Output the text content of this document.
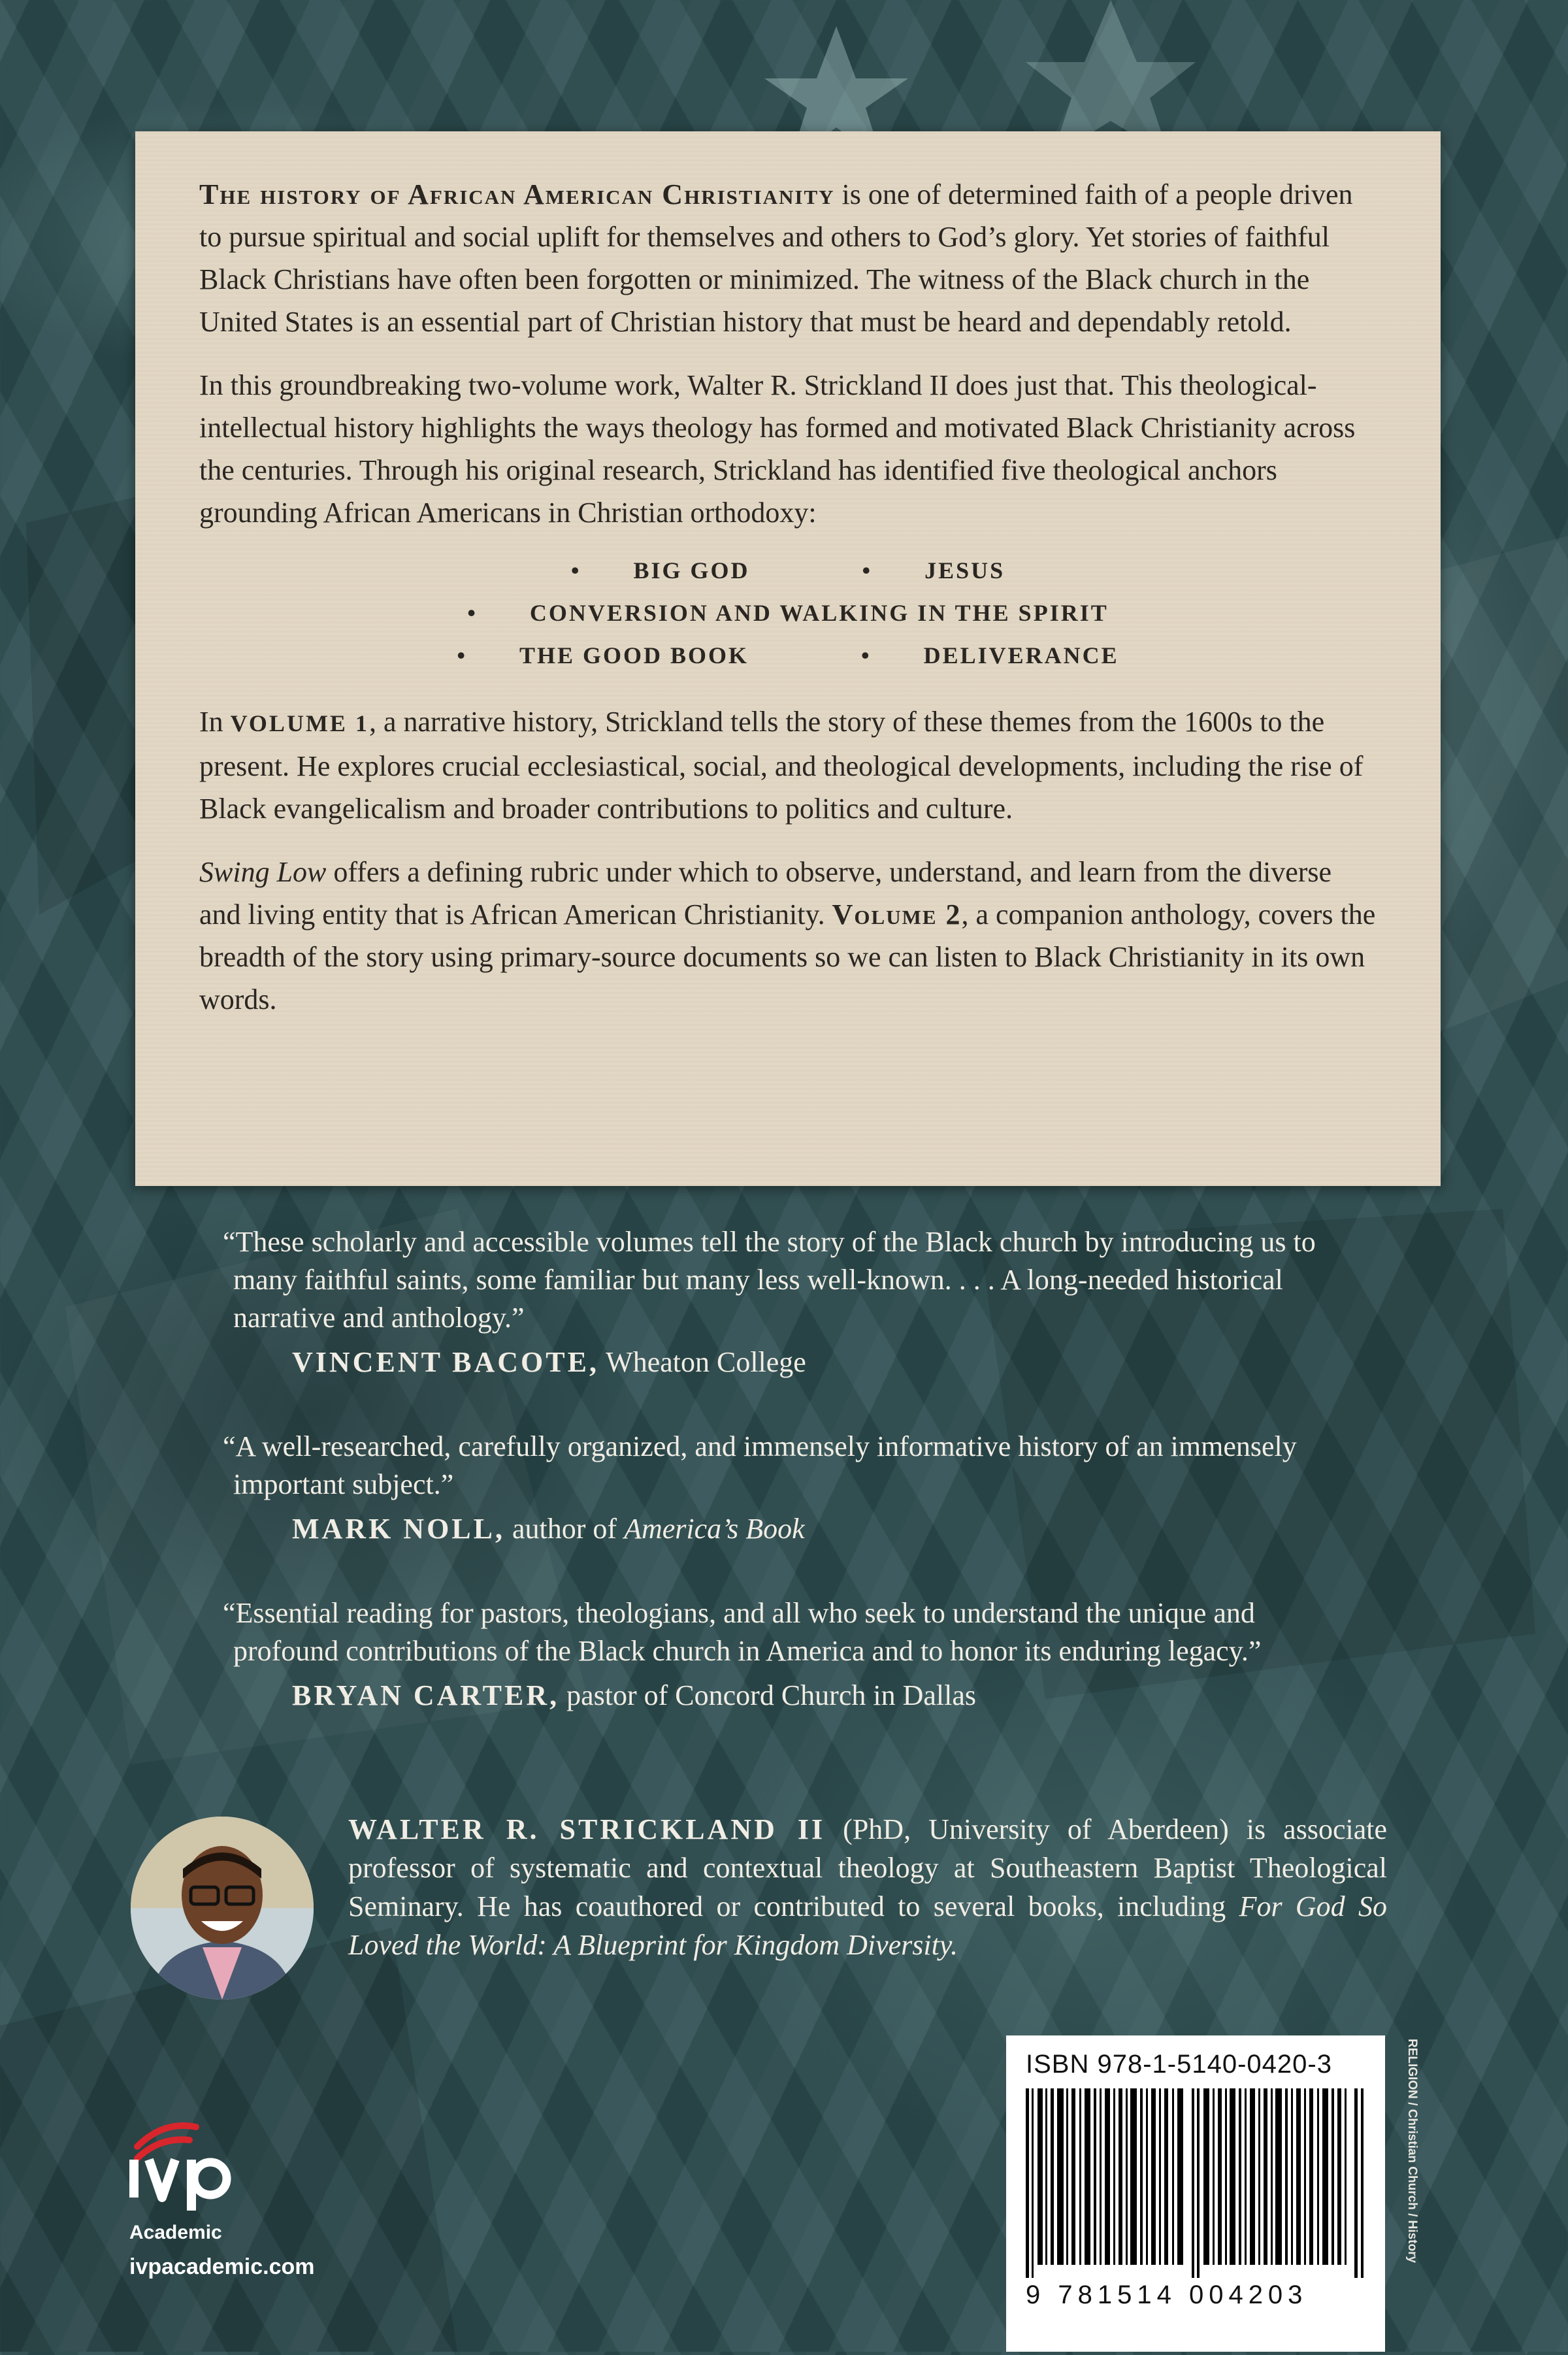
The history of African American Christianity is one of determined faith of a people driven to pursue spiritual and social uplift for themselves and others to God’s glory. Yet stories of faithful Black Christians have often been forgotten or minimized. The witness of the Black church in the United States is an essential part of Christian history that must be heard and dependably retold.

In this groundbreaking two-volume work, Walter R. Strickland II does just that. This theological-intellectual history highlights the ways theology has formed and motivated Black Christianity across the centuries. Through his original research, Strickland has identified five theological anchors grounding African Americans in Christian orthodoxy:

• BIG GOD	• JESUS
• CONVERSION AND WALKING IN THE SPIRIT
• THE GOOD BOOK	• DELIVERANCE

In VOLUME 1, a narrative history, Strickland tells the story of these themes from the 1600s to the present. He explores crucial ecclesiastical, social, and theological developments, including the rise of Black evangelicalism and broader contributions to politics and culture.

Swing Low offers a defining rubric under which to observe, understand, and learn from the diverse and living entity that is African American Christianity. Volume 2, a companion anthology, covers the breadth of the story using primary-source documents so we can listen to Black Christianity in its own words.

“These scholarly and accessible volumes tell the story of the Black church by introducing us to many faithful saints, some familiar but many less well-known. . . . A long-needed historical narrative and anthology.”

VINCENT BACOTE, Wheaton College

“A well-researched, carefully organized, and immensely informative history of an immensely important subject.”

MARK NOLL, author of America’s Book

“Essential reading for pastors, theologians, and all who seek to understand the unique and profound contributions of the Black church in America and to honor its enduring legacy.”

BRYAN CARTER, pastor of Concord Church in Dallas

WALTER R. STRICKLAND II (PhD, University of Aberdeen) is associate professor of systematic and contextual theology at Southeastern Baptist Theological Seminary. He has coauthored or contributed to several books, including For God So Loved the World: A Blueprint for Kingdom Diversity.
ISBN 978-1-5140-0420-3
9 781514 004203
RELIGION / Christian Church / History
Academic
ivpacademic.com
